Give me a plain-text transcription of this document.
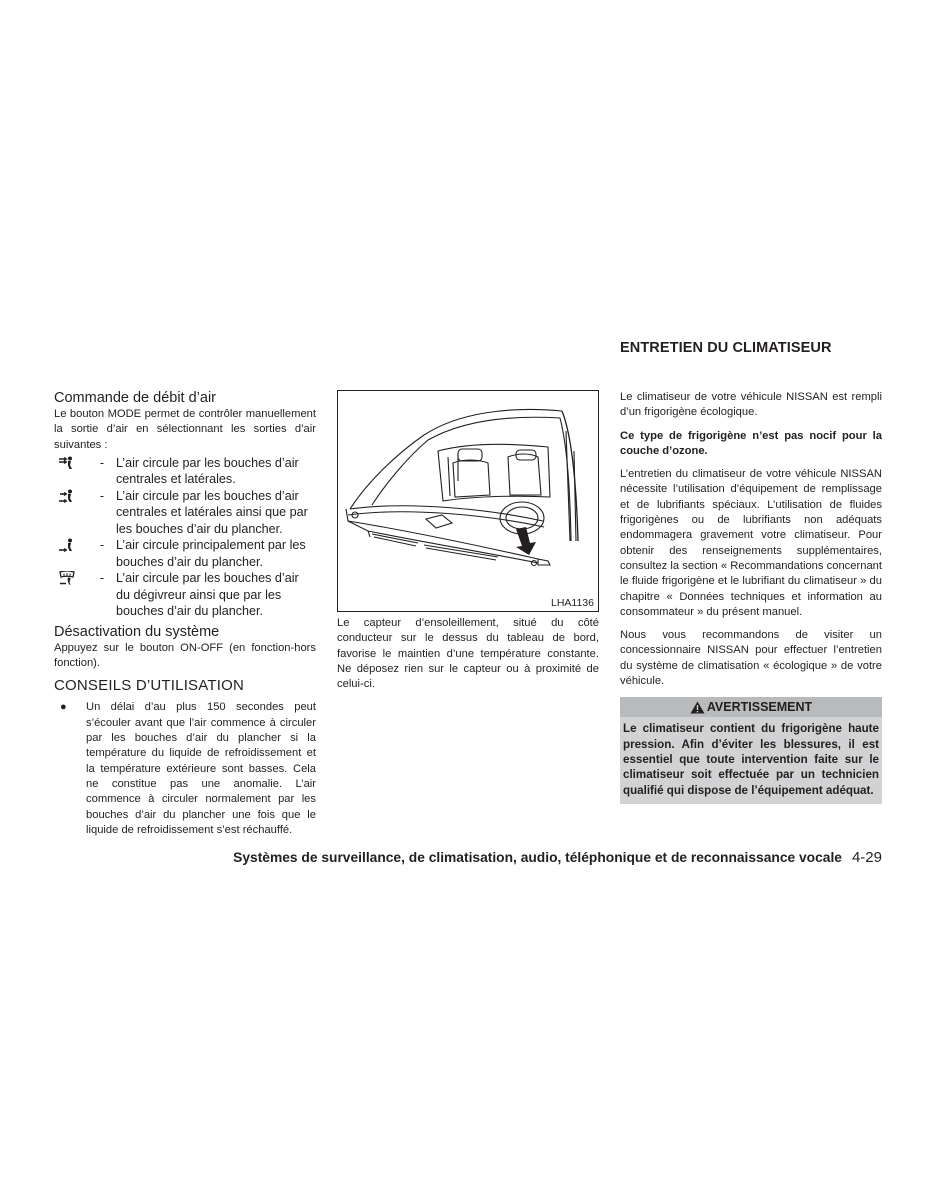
ENTRETIEN DU CLIMATISEUR
Commande de débit d’air

Le bouton MODE permet de contrôler manuellement la sortie d’air en sélectionnant les sorties d’air suivantes :

- L’air circule par les bouches d’air centrales et latérales.
- L’air circule par les bouches d’air centrales et latérales ainsi que par les bouches d’air du plancher.
- L’air circule principalement par les bouches d’air du plancher.
- L’air circule par les bouches d’air du dégivreur ainsi que par les bouches d’air du plancher.
Désactivation du système

Appuyez sur le bouton ON-OFF (en fonction-hors fonction).

CONSEILS D’UTILISATION
●	Un délai d’au plus 150 secondes peut s’écouler avant que l’air commence à circuler par les bouches d’air du plancher si la température du liquide de refroidissement et la température extérieure sont basses. Cela ne constitue pas une anomalie. L’air commence à circuler normalement par les bouches d’air du plancher une fois que le liquide de refroidissement s’est réchauffé.

LHA1136

Le capteur d’ensoleillement, situé du côté conducteur sur le dessus du tableau de bord, favorise le maintien d’une température constante. Ne déposez rien sur le capteur ou à proximité de celui-ci.

Le climatiseur de votre véhicule NISSAN est rempli d’un frigorigène écologique.

Ce type de frigorigène n’est pas nocif pour la couche d’ozone.

L’entretien du climatiseur de votre véhicule NISSAN nécessite l’utilisation d’équipement de remplissage et de lubrifiants spéciaux. L’utilisation de fluides frigorigènes ou de lubrifiants non adéquats endommagera gravement votre climatiseur. Pour obtenir des renseignements supplémentaires, consultez la section « Recommandations concernant le fluide frigorigène et le lubrifiant du climatiseur » du chapitre « Données techniques et information au consommateur » du présent manuel.

Nous vous recommandons de visiter un concessionnaire NISSAN pour effectuer l’entretien du système de climatisation « écologique » de votre véhicule.

AVERTISSEMENT
Le climatiseur contient du frigorigène haute pression. Afin d’éviter les blessures, il est essentiel que toute intervention faite sur le climatiseur soit effectuée par un technicien qualifié qui dispose de l’équipement adéquat.
Systèmes de surveillance, de climatisation, audio, téléphonique et de reconnaissance vocale 4-29
